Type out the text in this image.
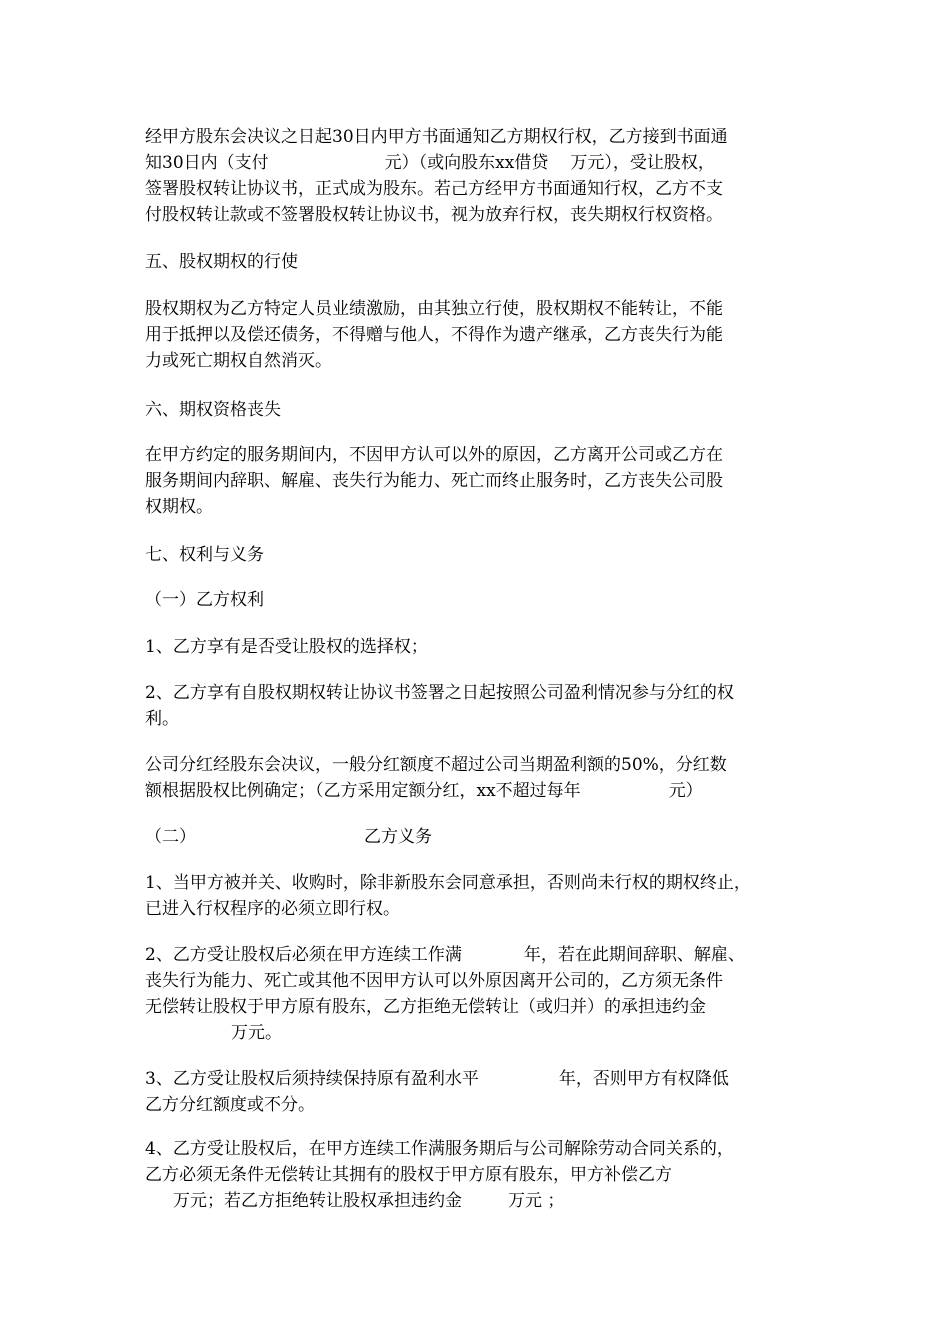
经甲方股东会决议之日起30日内甲方书面通知乙方期权行权，乙方接到书面通
知30日内（支付	元）（或向股东xx借贷 万元），受让股权，
签署股权转让协议书，正式成为股东。若己方经甲方书面通知行权，乙方不支
付股权转让款或不签署股权转让协议书，视为放弃行权，丧失期权行权资格。
五、股权期权的行使
股权期权为乙方特定人员业绩激励，由其独立行使，股权期权不能转让，不能
用于抵押以及偿还债务，不得赠与他人，不得作为遗产继承，乙方丧失行为能
力或死亡期权自然消灭。
六、期权资格丧失
在甲方约定的服务期间内，不因甲方认可以外的原因，乙方离开公司或乙方在
服务期间内辞职、解雇、丧失行为能力、死亡而终止服务时，乙方丧失公司股
权期权。
七、权利与义务
（一）乙方权利
1、乙方享有是否受让股权的选择权；
2、乙方享有自股权期权转让协议书签署之日起按照公司盈利情况参与分红的权
利。
公司分红经股东会决议，一般分红额度不超过公司当期盈利额的50%，分红数
额根据股权比例确定；（乙方采用定额分红，xx不超过每年	元）
（二）	乙方义务
1、当甲方被并关、收购时，除非新股东会同意承担，否则尚未行权的期权终止，
已进入行权程序的必须立即行权。
2、乙方受让股权后必须在甲方连续工作满	年，若在此期间辞职、解雇、
丧失行为能力、死亡或其他不因甲方认可以外原因离开公司的，乙方须无条件
无偿转让股权于甲方原有股东，乙方拒绝无偿转让（或归并）的承担违约金
万元。
3、乙方受让股权后须持续保持原有盈利水平	年，否则甲方有权降低
乙方分红额度或不分。
4、乙方受让股权后，在甲方连续工作满服务期后与公司解除劳动合同关系的，
乙方必须无条件无偿转让其拥有的股权于甲方原有股东，甲方补偿乙方
万元；若乙方拒绝转让股权承担违约金	万元 ；
